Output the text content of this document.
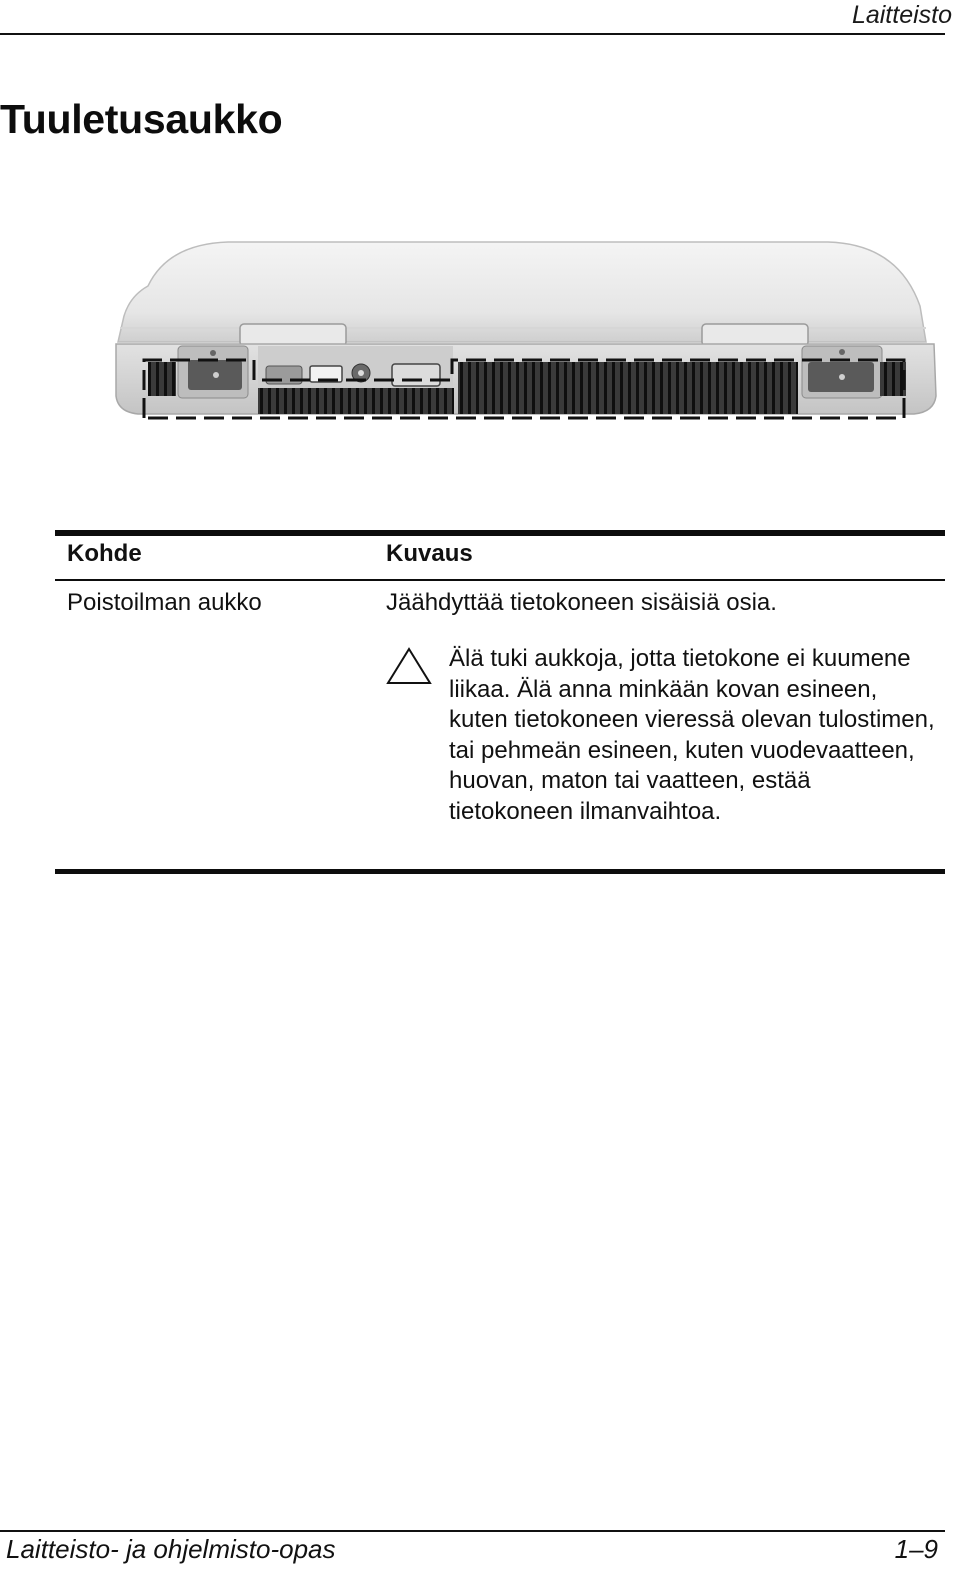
Laitteisto
Tuuletusaukko
Kohde	Kuvaus
Poistoilman aukko	Jäähdyttää tietokoneen sisäisiä osia.

Älä tuki aukkoja, jotta tietokone ei kuumene liikaa. Älä anna minkään kovan esineen, kuten tietokoneen vieressä olevan tulostimen, tai pehmeän esineen, kuten vuodevaatteen, huovan, maton tai vaatteen, estää tietokoneen ilmanvaihtoa.

Laitteisto- ja ohjelmisto-opas	1–9
